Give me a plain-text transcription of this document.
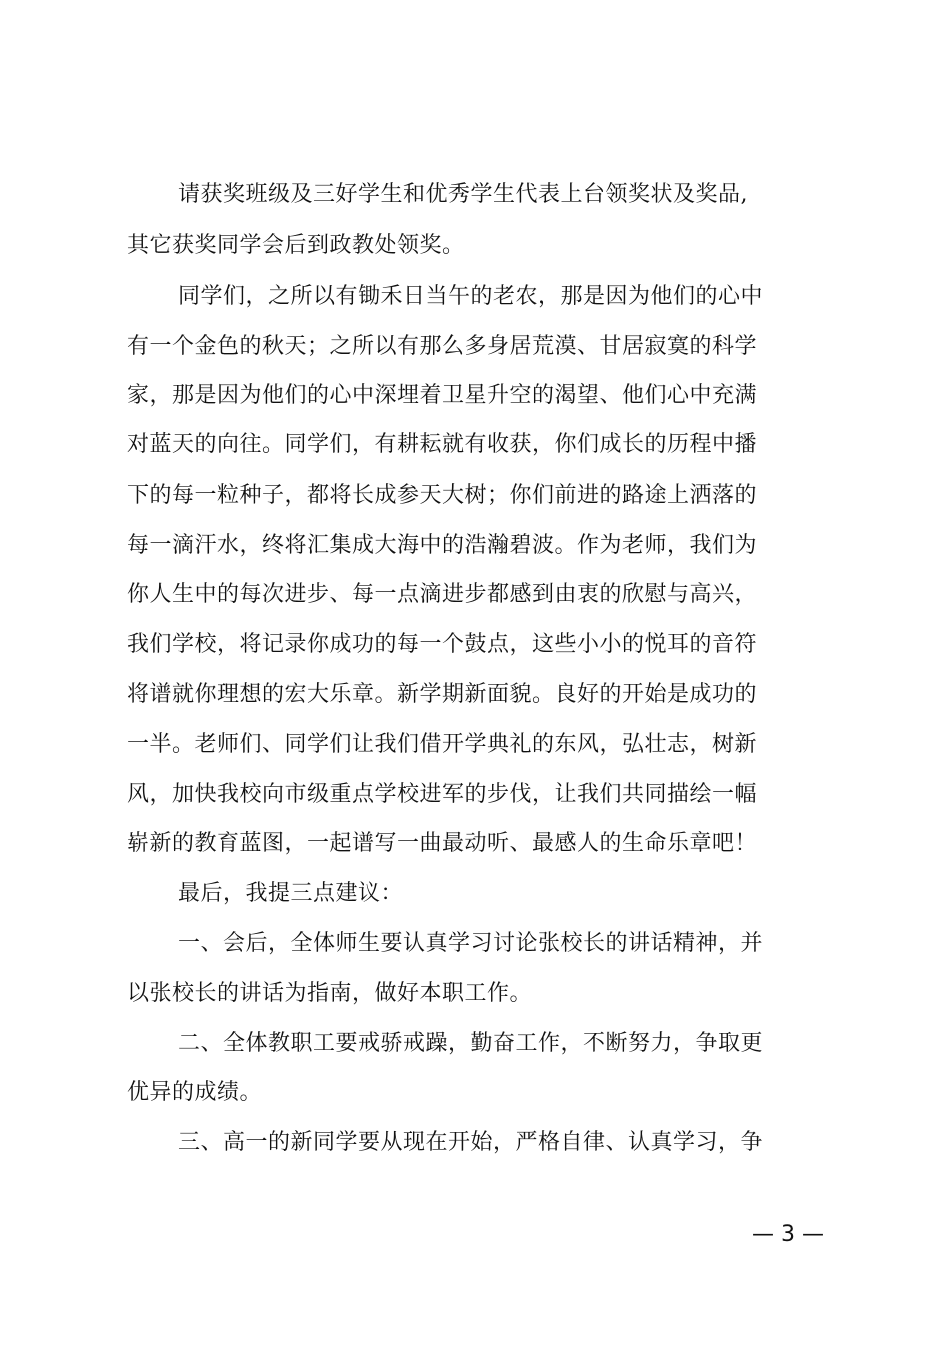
请获奖班级及三好学生和优秀学生代表上台领奖状及奖品,
其它获奖同学会后到政教处领奖。
同学们，之所以有锄禾日当午的老农，那是因为他们的心中
有一个金色的秋天；之所以有那么多身居荒漠、甘居寂寞的科学
家，那是因为他们的心中深埋着卫星升空的渴望、他们心中充满
对蓝天的向往。同学们，有耕耘就有收获，你们成长的历程中播
下的每一粒种子，都将长成参天大树；你们前进的路途上洒落的
每一滴汗水，终将汇集成大海中的浩瀚碧波。作为老师，我们为
你人生中的每次进步、每一点滴进步都感到由衷的欣慰与高兴，
我们学校，将记录你成功的每一个鼓点，这些小小的悦耳的音符
将谱就你理想的宏大乐章。新学期新面貌。良好的开始是成功的
一半。老师们、同学们让我们借开学典礼的东风，弘壮志，树新
风，加快我校向市级重点学校进军的步伐，让我们共同描绘一幅
崭新的教育蓝图，一起谱写一曲最动听、最感人的生命乐章吧！
最后，我提三点建议：
一、会后，全体师生要认真学习讨论张校长的讲话精神，并
以张校长的讲话为指南，做好本职工作。
二、全体教职工要戒骄戒躁，勤奋工作，不断努力，争取更
优异的成绩。
三、高一的新同学要从现在开始，严格自律、认真学习，争
— 3 —
